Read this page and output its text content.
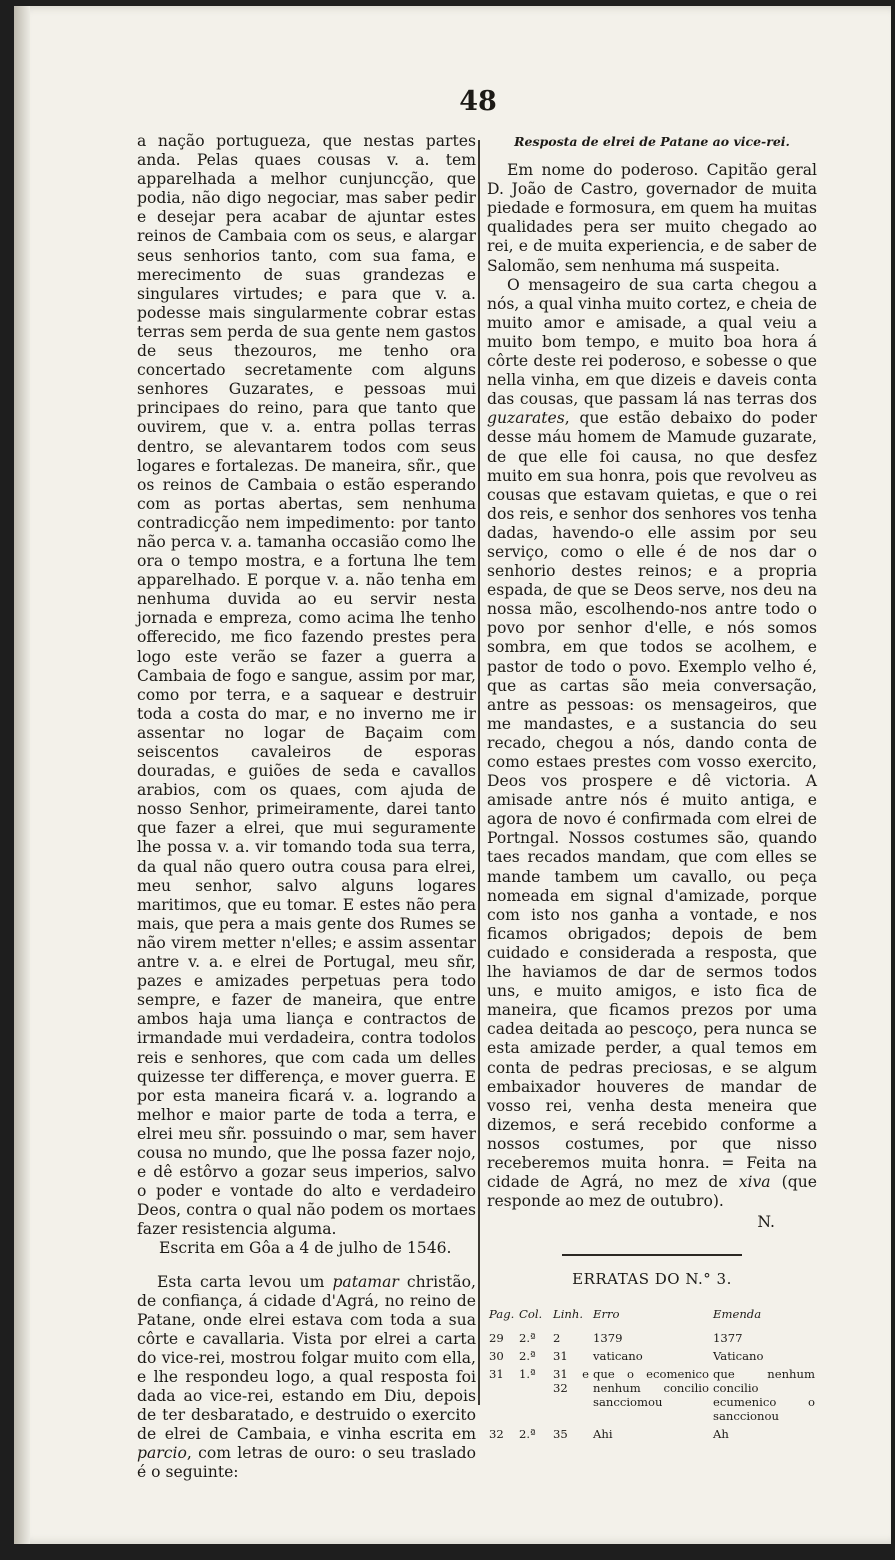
48

a nação portugueza, que nestas partes anda. Pelas quaes cousas v. a. tem apparelhada a melhor cunjuncção, que podia, não digo negociar, mas saber pedir e desejar pera acabar de ajuntar estes reinos de Cambaia com os seus, e alargar seus senhorios tanto, com sua fama, e merecimento de suas grandezas e singulares virtudes; e para que v. a. podesse mais singularmente cobrar estas terras sem perda de sua gente nem gastos de seus thezouros, me tenho ora concertado secretamente com alguns senhores Guzarates, e pessoas mui principaes do reino, para que tanto que ouvirem, que v. a. entra pollas terras dentro, se alevantarem todos com seus logares e fortalezas. De maneira, sñr., que os reinos de Cambaia o estão esperando com as portas abertas, sem nenhuma contradicção nem impedimento: por tanto não perca v. a. tamanha occasião como lhe ora o tempo mostra, e a fortuna lhe tem apparelhado. E porque v. a. não tenha em nenhuma duvida ao eu servir nesta jornada e empreza, como acima lhe tenho offerecido, me fico fazendo prestes pera logo este verão se fazer a guerra a Cambaia de fogo e sangue, assim por mar, como por terra, e a saquear e destruir toda a costa do mar, e no inverno me ir assentar no logar de Baçaim com seiscentos cavaleiros de esporas douradas, e guiões de seda e cavallos arabios, com os quaes, com ajuda de nosso Senhor, primeiramente, darei tanto que fazer a elrei, que mui seguramente lhe possa v. a. vir tomando toda sua terra, da qual não quero outra cousa para elrei, meu senhor, salvo alguns logares maritimos, que eu tomar. E estes não pera mais, que pera a mais gente dos Rumes se não virem metter n'elles; e assim assentar antre v. a. e elrei de Portugal, meu sñr, pazes e amizades perpetuas pera todo sempre, e fazer de maneira, que entre ambos haja uma liança e contractos de irmandade mui verdadeira, contra todolos reis e senhores, que com cada um delles quizesse ter differença, e mover guerra. E por esta maneira ficará v. a. logrando a melhor e maior parte de toda a terra, e elrei meu sñr. possuindo o mar, sem haver cousa no mundo, que lhe possa fazer nojo, e dê estôrvo a gozar seus imperios, salvo o poder e vontade do alto e verdadeiro Deos, contra o qual não podem os mortaes fazer resistencia alguma.

Escrita em Gôa a 4 de julho de 1546.

Esta carta levou um patamar christão, de confiança, á cidade d'Agrá, no reino de Patane, onde elrei estava com toda a sua côrte e cavallaria. Vista por elrei a carta do vice-rei, mostrou folgar muito com ella, e lhe respondeu logo, a qual resposta foi dada ao vice-rei, estando em Diu, depois de ter desbaratado, e destruido o exercito de elrei de Cambaia, e vinha escrita em parcio, com letras de ouro: o seu traslado é o seguinte:

Resposta de elrei de Patane ao vice-rei.

Em nome do poderoso. Capitão geral D. João de Castro, governador de muita piedade e formosura, em quem ha muitas qualidades pera ser muito chegado ao rei, e de muita experiencia, e de saber de Salomão, sem nenhuma má suspeita.

O mensageiro de sua carta chegou a nós, a qual vinha muito cortez, e cheia de muito amor e amisade, a qual veiu a muito bom tempo, e muito boa hora á côrte deste rei poderoso, e sobesse o que nella vinha, em que dizeis e daveis conta das cousas, que passam lá nas terras dos guzarates, que estão debaixo do poder desse máu homem de Mamude guzarate, de que elle foi causa, no que desfez muito em sua honra, pois que revolveu as cousas que estavam quietas, e que o rei dos reis, e senhor dos senhores vos tenha dadas, havendo-o elle assim por seu serviço, como o elle é de nos dar o senhorio destes reinos; e a propria espada, de que se Deos serve, nos deu na nossa mão, escolhendo-nos antre todo o povo por senhor d'elle, e nós somos sombra, em que todos se acolhem, e pastor de todo o povo. Exemplo velho é, que as cartas são meia conversação, antre as pessoas: os mensageiros, que me mandastes, e a sustancia do seu recado, chegou a nós, dando conta de como estaes prestes com vosso exercito, Deos vos prospere e dê victoria. A amisade antre nós é muito antiga, e agora de novo é confirmada com elrei de Portngal. Nossos costumes são, quando taes recados mandam, que com elles se mande tambem um cavallo, ou peça nomeada em signal d'amizade, porque com isto nos ganha a vontade, e nos ficamos obrigados; depois de bem cuidado e considerada a resposta, que lhe haviamos de dar de sermos todos uns, e muito amigos, e isto fica de maneira, que ficamos prezos por uma cadea deitada ao pescoço, pera nunca se esta amizade perder, a qual temos em conta de pedras preciosas, e se algum embaixador houveres de mandar de vosso rei, venha desta meneira que dizemos, e será recebido conforme a nossos costumes, por que nisso receberemos muita honra. = Feita na cidade de Agrá, no mez de xiva (que responde ao mez de outubro).

N.
ERRATAS DO N.° 3.
Pag.	Col.	Linh.	Erro	Emenda
29	2.ª	2	1379	1377
30	2.ª	31	vaticano	Vaticano
31	1.ª	31 e 32	que o ecomenico nenhum concilio sancciomou	que nenhum concilio ecumenico o sanccionou
32	2.ª	35	Ahi	Ah
